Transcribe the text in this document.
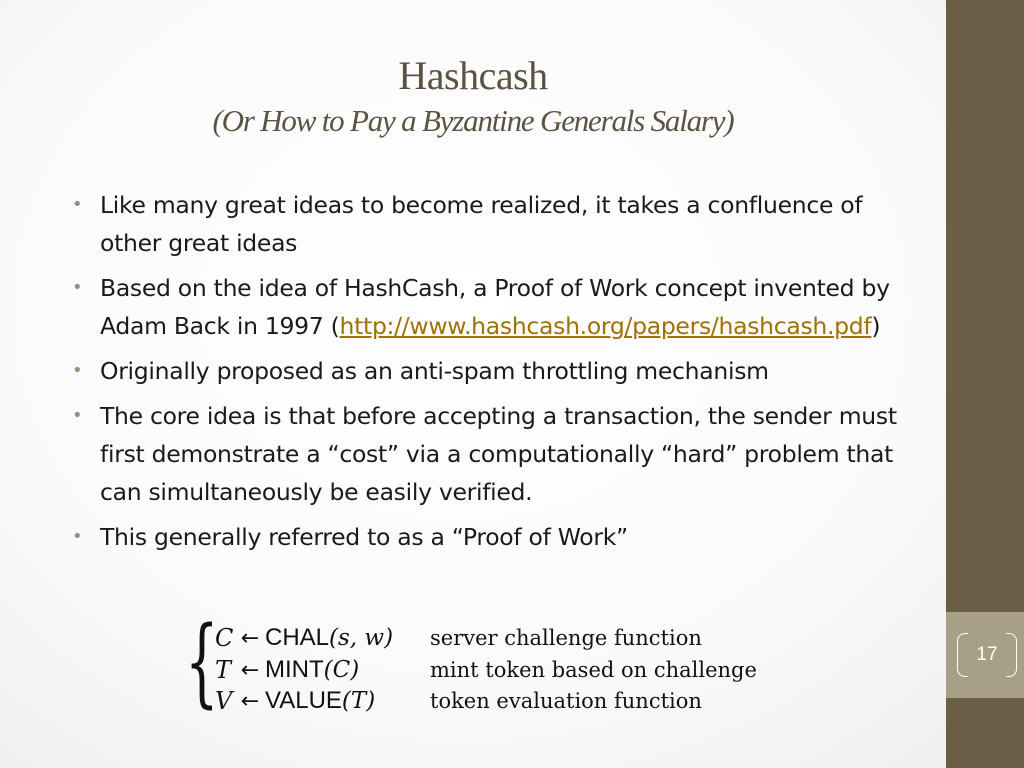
17
Hashcash
(Or How to Pay a Byzantine Generals Salary)
• Like many great ideas to become realized, it takes a confluence of other great ideas
• Based on the idea of HashCash, a Proof of Work concept invented by Adam Back in 1997 (http://www.hashcash.org/papers/hashcash.pdf)
• Originally proposed as an anti-spam throttling mechanism
• The core idea is that before accepting a transaction, the sender must first demonstrate a “cost” via a computationally “hard” problem that can simultaneously be easily verified.
• This generally referred to as a “Proof of Work”
{
C ← CHAL (s, w) server challenge function
T ← MINT (C)	mint token based on challenge
V ← VALUE (T)	token evaluation function
